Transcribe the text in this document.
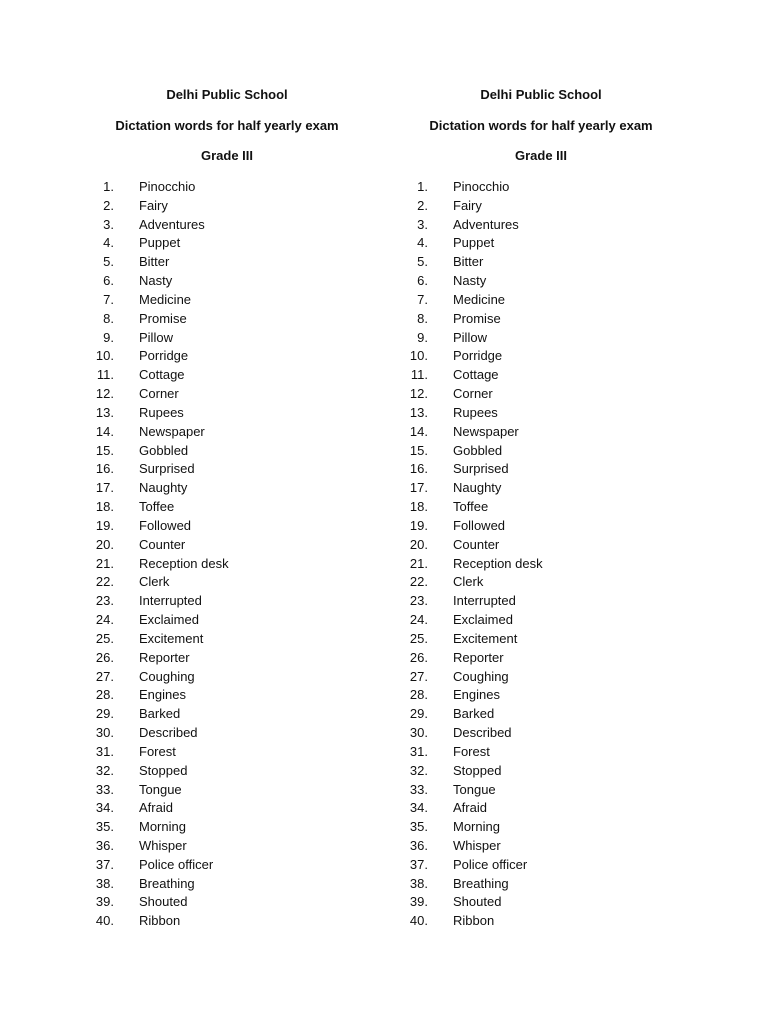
Delhi Public School

Dictation words for half yearly exam

Grade III

1.	Pinocchio
2.	Fairy
3.	Adventures
4.	Puppet
5.	Bitter
6.	Nasty
7.	Medicine
8.	Promise
9.	Pillow
10.	Porridge
11.	Cottage
12.	Corner
13.	Rupees
14.	Newspaper
15.	Gobbled
16.	Surprised
17.	Naughty
18.	Toffee
19.	Followed
20.	Counter
21.	Reception desk
22.	Clerk
23.	Interrupted
24.	Exclaimed
25.	Excitement
26.	Reporter
27.	Coughing
28.	Engines
29.	Barked
30.	Described
31.	Forest
32.	Stopped
33.	Tongue
34.	Afraid
35.	Morning
36.	Whisper
37.	Police officer
38.	Breathing
39.	Shouted
40.	Ribbon

Delhi Public School

Dictation words for half yearly exam

Grade III

1.	Pinocchio
2.	Fairy
3.	Adventures
4.	Puppet
5.	Bitter
6.	Nasty
7.	Medicine
8.	Promise
9.	Pillow
10.	Porridge
11.	Cottage
12.	Corner
13.	Rupees
14.	Newspaper
15.	Gobbled
16.	Surprised
17.	Naughty
18.	Toffee
19.	Followed
20.	Counter
21.	Reception desk
22.	Clerk
23.	Interrupted
24.	Exclaimed
25.	Excitement
26.	Reporter
27.	Coughing
28.	Engines
29.	Barked
30.	Described
31.	Forest
32.	Stopped
33.	Tongue
34.	Afraid
35.	Morning
36.	Whisper
37.	Police officer
38.	Breathing
39.	Shouted
40.	Ribbon
